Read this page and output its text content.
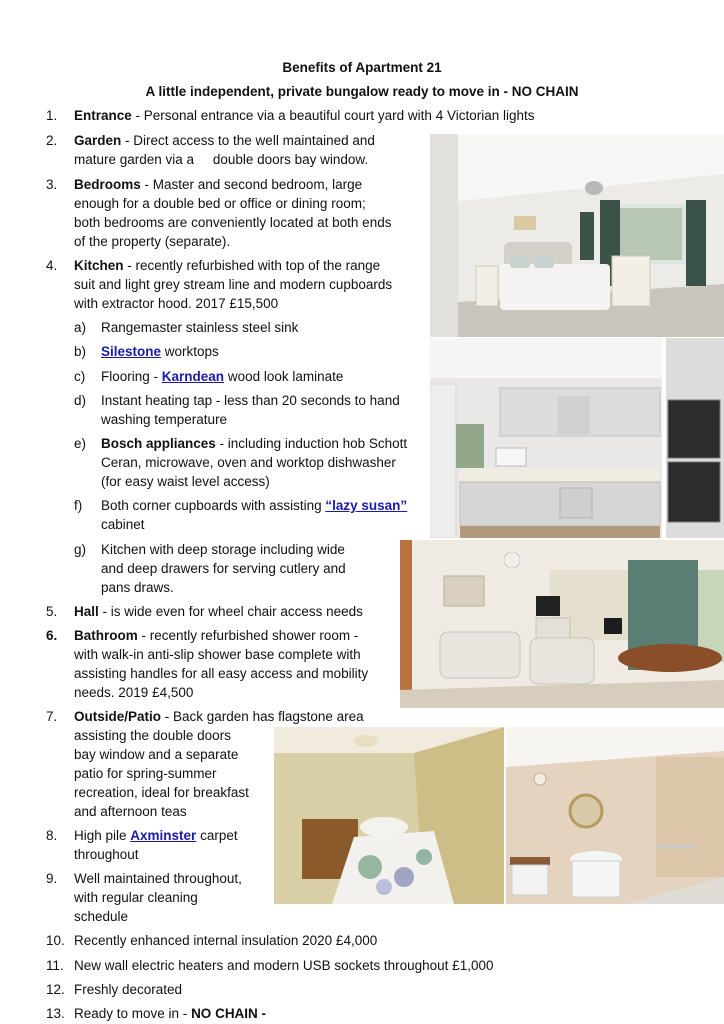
Benefits of Apartment 21
A little independent, private bungalow ready to move in - NO CHAIN
1. Entrance - Personal entrance via a beautiful court yard with 4 Victorian lights
2. Garden - Direct access to the well maintained and
mature garden via a     double doors bay window.
3. Bedrooms - Master and second bedroom, large
enough for a double bed or office or dining room;
both bedrooms are conveniently located at both ends
of the property (separate).
4. Kitchen - recently refurbished with top of the range
suit and light grey stream line and modern cupboards
with extractor hood. 2017 £15,500
a) Rangemaster stainless steel sink
b) Silestone worktops
c) Flooring - Karndean wood look laminate
d) Instant heating tap - less than 20 seconds to hand
washing temperature
e) Bosch appliances - including induction hob Schott
Ceran, microwave, oven and worktop dishwasher
(for easy waist level access)
f) Both corner cupboards with assisting “lazy susan”
cabinet
g) Kitchen with deep storage including wide
and deep drawers for serving cutlery and
pans draws.
5. Hall - is wide even for wheel chair access needs
6. Bathroom - recently refurbished shower room -
with walk-in anti-slip shower base complete with
assisting handles for all easy access and mobility
needs. 2019 £4,500
7. Outside/Patio - Back garden has flagstone area
assisting the double doors
bay window and a separate
patio for spring-summer
recreation, ideal for breakfast
and afternoon teas
8. High pile Axminster carpet
throughout
9. Well maintained throughout,
with regular cleaning
schedule
10. Recently enhanced internal insulation 2020 £4,000
11. New wall electric heaters and modern USB sockets throughout £1,000
12. Freshly decorated
13. Ready to move in - NO CHAIN -
